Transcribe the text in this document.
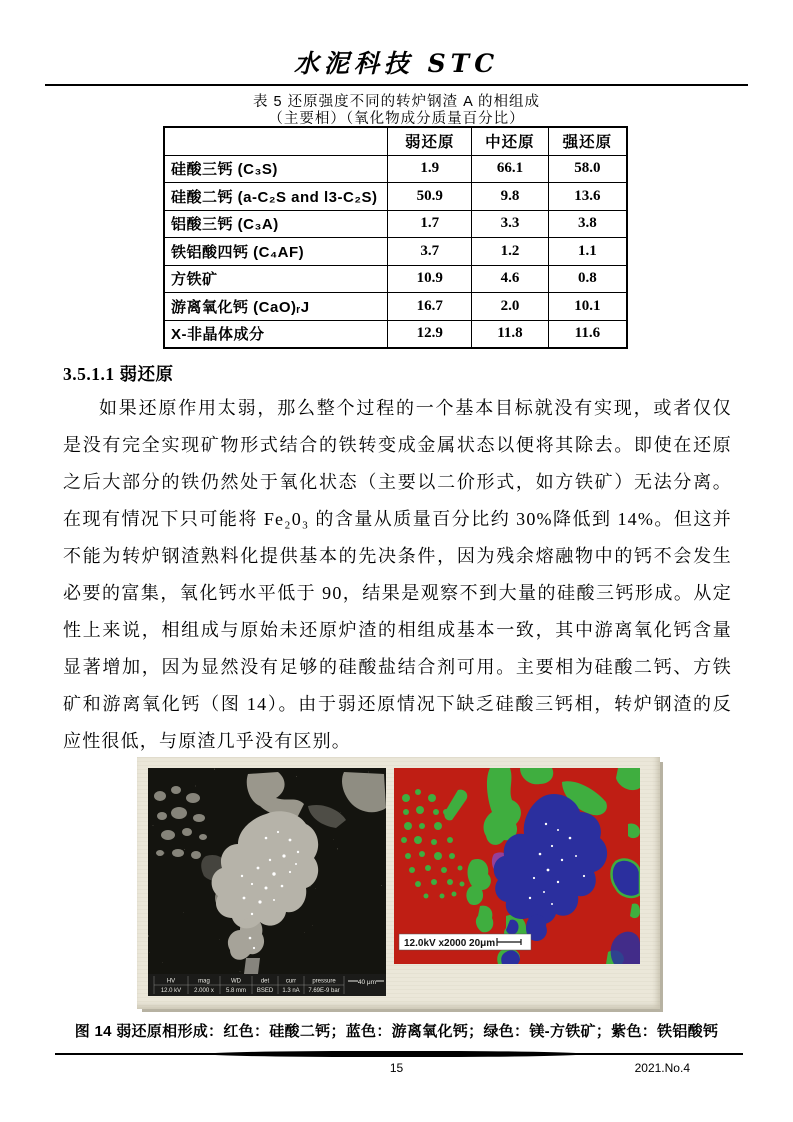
水泥科技 STC
表 5 还原强度不同的转炉钢渣 A 的相组成
（主要相）（氧化物成分质量百分比）
	弱还原	中还原	强还原
硅酸三钙 (C₃S)	1.9	66.1	58.0
硅酸二钙 (a-C₂S and l3-C₂S)	50.9	9.8	13.6
铝酸三钙 (C₃A)	1.7	3.3	3.8
铁铝酸四钙 (C₄AF)	3.7	1.2	1.1
方铁矿	10.9	4.6	0.8
游离氧化钙 (CaO)ᵣJ	16.7	2.0	10.1
X-非晶体成分	12.9	11.8	11.6
3.5.1.1 弱还原
如果还原作用太弱，那么整个过程的一个基本目标就没有实现，或者仅仅是没有完全实现矿物形式结合的铁转变成金属状态以便将其除去。即使在还原之后大部分的铁仍然处于氧化状态（主要以二价形式，如方铁矿）无法分离。在现有情况下只可能将 Fe₂0₃ 的含量从质量百分比约 30%降低到 14%。但这并不能为转炉钢渣熟料化提供基本的先决条件，因为残余熔融物中的钙不会发生必要的富集，氧化钙水平低于 90，结果是观察不到大量的硅酸三钙形成。从定性上来说，相组成与原始未还原炉渣的相组成基本一致，其中游离氧化钙含量显著增加，因为显然没有足够的硅酸盐结合剂可用。主要相为硅酸二钙、方铁矿和游离氧化钙（图 14）。由于弱还原情况下缺乏硅酸三钙相，转炉钢渣的反应性很低，与原渣几乎没有区别。
HV	mag	WD	det	curr	pressure
12.0 kV 2.000 x 5.8 mm BSED 1.3 nA 7.69E-9 bar
40 μm
12.0kV x2000 20μm
图 14 弱还原相形成：红色：硅酸二钙；蓝色：游离氧化钙；绿色：镁-方铁矿；紫色：铁铝酸钙
15	2021.No.4
